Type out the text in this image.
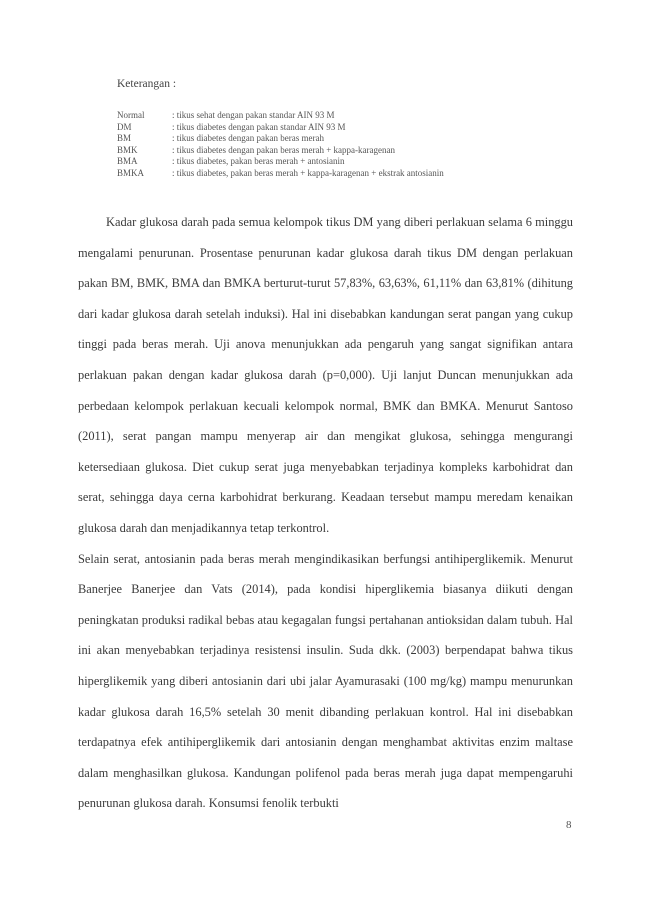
Keterangan :
Normal	: tikus sehat dengan pakan standar AIN 93 M
DM	: tikus diabetes dengan pakan standar AIN 93 M
BM	: tikus diabetes dengan pakan beras merah
BMK	: tikus diabetes dengan pakan beras merah + kappa-karagenan
BMA	: tikus diabetes, pakan beras merah + antosianin
BMKA	: tikus diabetes, pakan beras merah + kappa-karagenan + ekstrak antosianin

Kadar glukosa darah pada semua kelompok tikus DM yang diberi perlakuan selama 6 minggu mengalami penurunan. Prosentase penurunan kadar glukosa darah tikus DM dengan perlakuan pakan BM, BMK, BMA dan BMKA berturut-turut 57,83%, 63,63%, 61,11% dan 63,81% (dihitung dari kadar glukosa darah setelah induksi). Hal ini disebabkan kandungan serat pangan yang cukup tinggi pada beras merah. Uji anova menunjukkan ada pengaruh yang sangat signifikan antara perlakuan pakan dengan kadar glukosa darah (p=0,000). Uji lanjut Duncan menunjukkan ada perbedaan kelompok perlakuan kecuali kelompok normal, BMK dan BMKA. Menurut Santoso (2011), serat pangan mampu menyerap air dan mengikat glukosa, sehingga mengurangi ketersediaan glukosa. Diet cukup serat juga menyebabkan terjadinya kompleks karbohidrat dan serat, sehingga daya cerna karbohidrat berkurang. Keadaan tersebut mampu meredam kenaikan glukosa darah dan menjadikannya tetap terkontrol.

Selain serat, antosianin pada beras merah mengindikasikan berfungsi antihiperglikemik. Menurut Banerjee Banerjee dan Vats (2014), pada kondisi hiperglikemia biasanya diikuti dengan peningkatan produksi radikal bebas atau kegagalan fungsi pertahanan antioksidan dalam tubuh. Hal ini akan menyebabkan terjadinya resistensi insulin. Suda dkk. (2003) berpendapat bahwa tikus hiperglikemik yang diberi antosianin dari ubi jalar Ayamurasaki (100 mg/kg) mampu menurunkan kadar glukosa darah 16,5% setelah 30 menit dibanding perlakuan kontrol. Hal ini disebabkan terdapatnya efek antihiperglikemik dari antosianin dengan menghambat aktivitas enzim maltase dalam menghasilkan glukosa. Kandungan polifenol pada beras merah juga dapat mempengaruhi penurunan glukosa darah. Konsumsi fenolik terbukti

8
